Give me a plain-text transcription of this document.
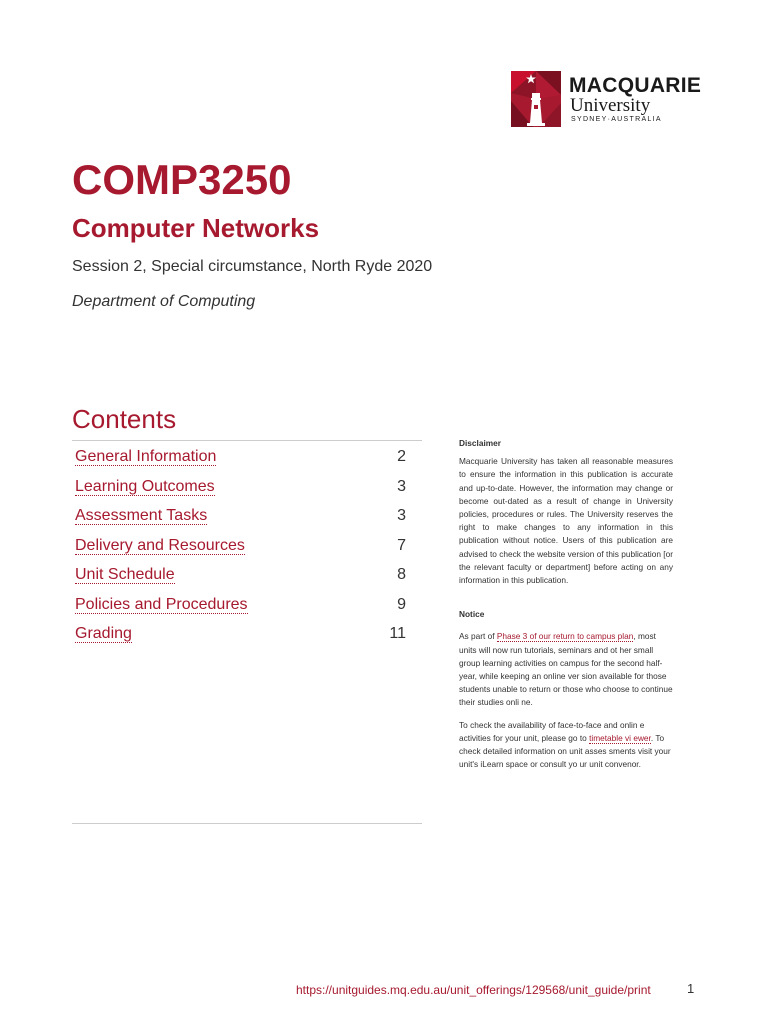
MACQUARIE
University
SYDNEY·AUSTRALIA
COMP3250
Computer Networks
Session 2, Special circumstance, North Ryde 2020
Department of Computing
Contents
General Information	2
Learning Outcomes	3
Assessment Tasks	3
Delivery and Resources	7
Unit Schedule	8
Policies and Procedures	9
Grading	11

Disclaimer

Macquarie University has taken all reasonable measures to ensure the information in this publication is accurate and up-to-date. However, the information may change or become out-dated as a result of change in University policies, procedures or rules. The University reserves the right to make changes to any information in this publication without notice. Users of this publication are advised to check the website version of this publication [or the relevant faculty or department] before acting on any information in this publication.

Notice

As part of Phase 3 of our return to campus plan, most units will now run tutorials, seminars and ot her small group learning activities on campus for the second half-year, while keeping an online ver sion available for those students unable to return or those who choose to continue their studies onli ne.

To check the availability of face-to-face and onlin e activities for your unit, please go to timetable vi ewer. To check detailed information on unit asses sments visit your unit's iLearn space or consult yo ur unit convenor.

https://unitguides.mq.edu.au/unit_offerings/129568/unit_guide/print	1
